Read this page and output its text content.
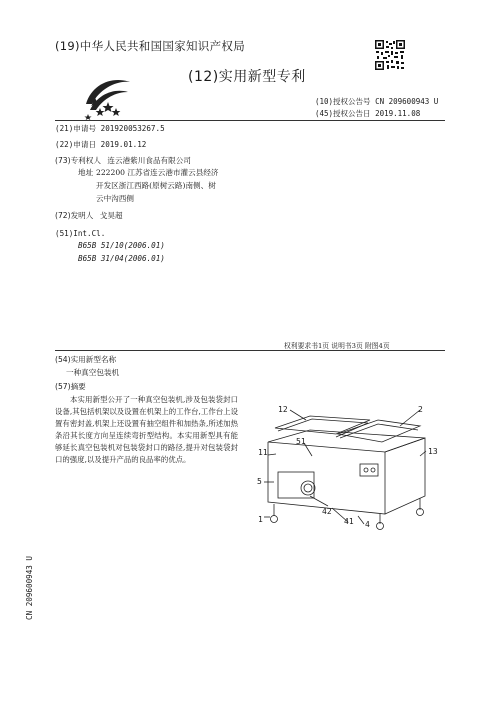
(19)中华人民共和国国家知识产权局
(12)实用新型专利
(10)授权公告号 CN 209600943 U
(45)授权公告日 2019.11.08
(21)申请号 201920053267.5
(22)申请日 2019.01.12
(73)专利权人 连云港紫川食品有限公司
地址 222200 江苏省连云港市灌云县经济
开发区浙江西路(原树云路)南侧、树
云中沟西侧
(72)发明人 戈昊超
(51)Int.Cl.
B65B 51/10(2006.01)
B65B 31/04(2006.01)
权利要求书1页 说明书3页 附图4页
(54)实用新型名称
一种真空包装机
(57)摘要
本实用新型公开了一种真空包装机,涉及包装袋封口设备,其包括机架以及设置在机架上的工作台,工作台上设置有密封盖,机架上还设置有抽空组件和加热条,所述加热条沿其长度方向呈连续弯折型结构。本实用新型具有能够延长真空包装机对包装袋封口的路径,提升对包装袋封口的强度,以及提升产品的良品率的优点。
2
12
11	13
51
5
42
1	41 4
CN 209600943 U
